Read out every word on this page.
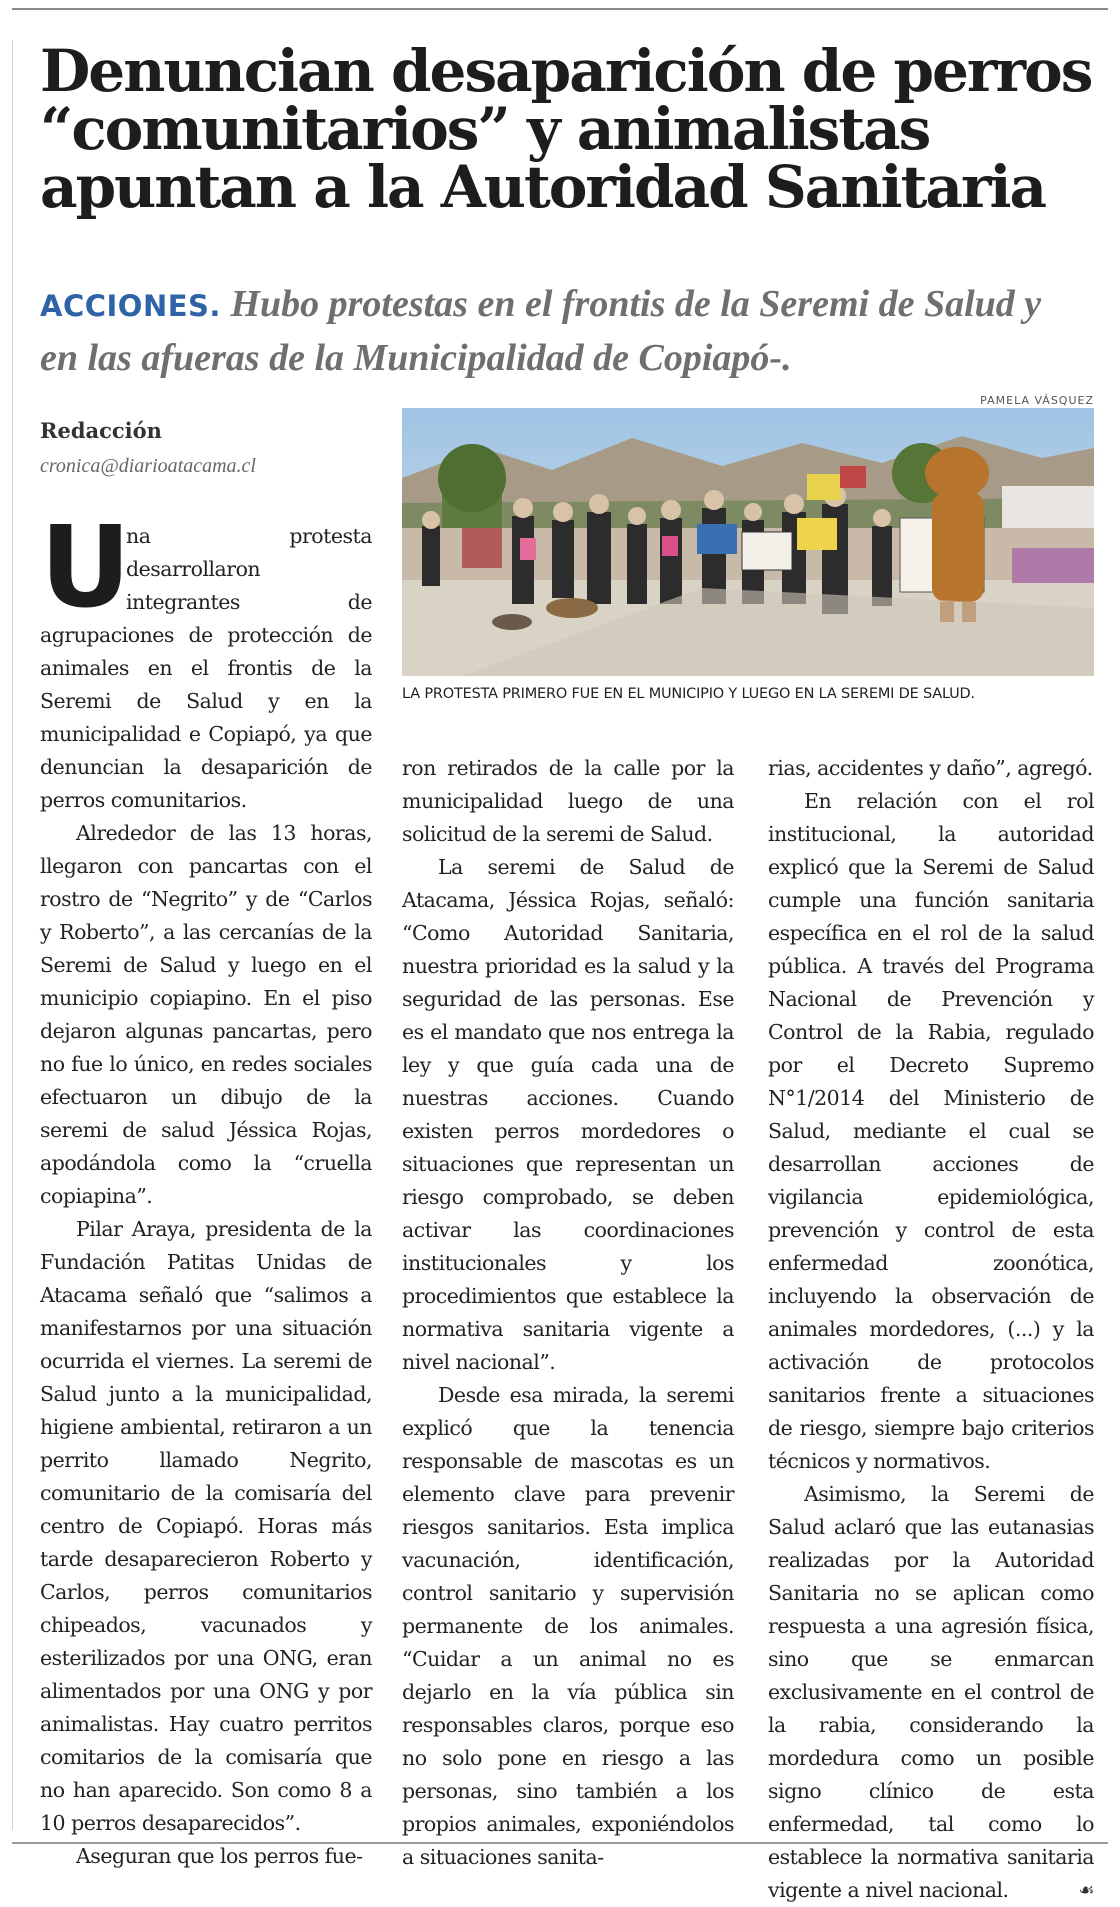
Denuncian desaparición de perros
“comunitarios” y animalistas
apuntan a la Autoridad Sanitaria
ACCIONES. Hubo protestas en el frontis de la Seremi de Salud y
en las afueras de la Municipalidad de Copiapó-.
Redacción
cronica@diarioatacama.cl
PAMELA VÁSQUEZ
LA PROTESTA PRIMERO FUE EN EL MUNICIPIO Y LUEGO EN LA SEREMI DE SALUD.
U

na protesta desarrollaron integrantes de agrupaciones de protección de animales en el frontis de la Seremi de Salud y en la municipalidad e Copiapó, ya que denuncian la desaparición de perros comunitarios.

Alrededor de las 13 horas, llegaron con pancartas con el rostro de “Negrito” y de “Carlos y Roberto”, a las cercanías de la Seremi de Salud y luego en el municipio copiapino. En el piso dejaron algunas pancartas, pero no fue lo único, en redes sociales efectuaron un dibujo de la seremi de salud Jéssica Rojas, apodándola como la “cruella copiapina”.

Pilar Araya, presidenta de la Fundación Patitas Unidas de Atacama señaló que “salimos a manifestarnos por una situación ocurrida el viernes. La seremi de Salud junto a la municipalidad, higiene ambiental, retiraron a un perrito llamado Negrito, comunitario de la comisaría del centro de Copiapó. Horas más tarde desaparecieron Roberto y Carlos, perros comunitarios chipeados, vacunados y esterilizados por una ONG, eran alimentados por una ONG y por animalistas. Hay cuatro perritos comitarios de la comisaría que no han aparecido. Son como 8 a 10 perros desaparecidos”.

Aseguran que los perros fue-

ron retirados de la calle por la municipalidad luego de una solicitud de la seremi de Salud.

La seremi de Salud de Atacama, Jéssica Rojas, señaló: “Como Autoridad Sanitaria, nuestra prioridad es la salud y la seguridad de las personas. Ese es el mandato que nos entrega la ley y que guía cada una de nuestras acciones. Cuando existen perros mordedores o situaciones que representan un riesgo comprobado, se deben activar las coordinaciones institucionales y los procedimientos que establece la normativa sanitaria vigente a nivel nacional”.

Desde esa mirada, la seremi explicó que la tenencia responsable de mascotas es un elemento clave para prevenir riesgos sanitarios. Esta implica vacunación, identificación, control sanitario y supervisión permanente de los animales. “Cuidar a un animal no es dejarlo en la vía pública sin responsables claros, porque eso no solo pone en riesgo a las personas, sino también a los propios animales, exponiéndolos a situaciones sanita-

rias, accidentes y daño”, agregó.

En relación con el rol institucional, la autoridad explicó que la Seremi de Salud cumple una función sanitaria específica en el rol de la salud pública. A través del Programa Nacional de Prevención y Control de la Rabia, regulado por el Decreto Supremo N°1/2014 del Ministerio de Salud, mediante el cual se desarrollan acciones de vigilancia epidemiológica, prevención y control de esta enfermedad zoonótica, incluyendo la observación de animales mordedores, (...) y la activación de protocolos sanitarios frente a situaciones de riesgo, siempre bajo criterios técnicos y normativos.

Asimismo, la Seremi de Salud aclaró que las eutanasias realizadas por la Autoridad Sanitaria no se aplican como respuesta a una agresión física, sino que se enmarcan exclusivamente en el control de la rabia, considerando la mordedura como un posible signo clínico de esta enfermedad, tal como lo establece la normativa sanitaria vigente a nivel nacional.	☙
